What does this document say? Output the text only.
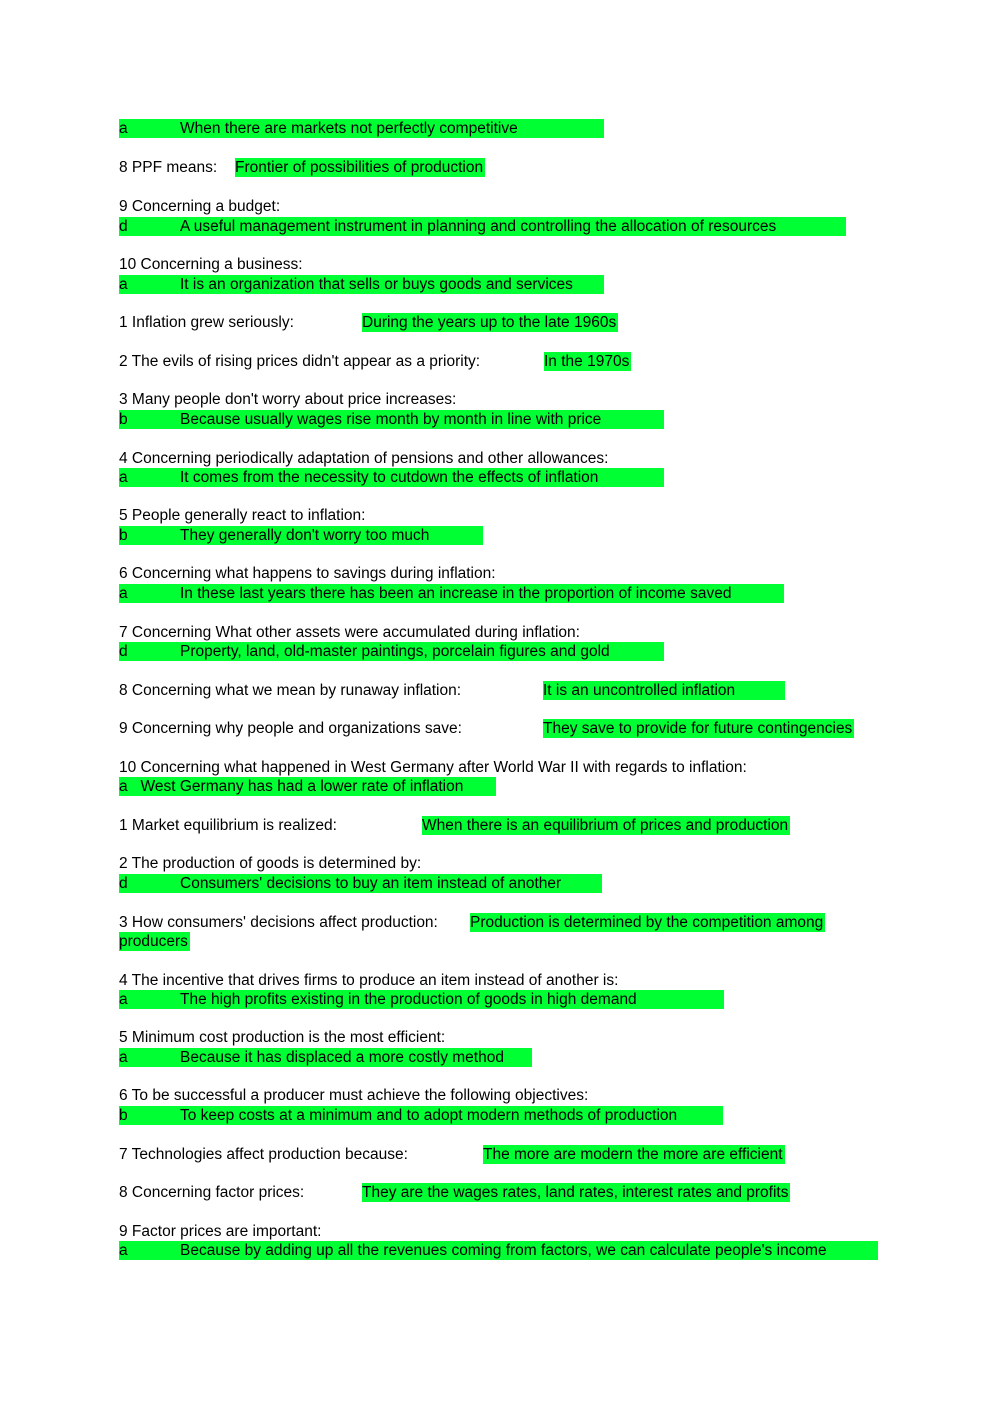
a	When there are markets not perfectly competitive
8 PPF means: Frontier of possibilities of production
9 Concerning a budget:
d	A useful management instrument in planning and controlling the allocation of resources
10 Concerning a business:
a	It is an organization that sells or buys goods and services
1 Inflation grew seriously:	During the years up to the late 1960s
2 The evils of rising prices didn't appear as a priority:	In the 1970s
3 Many people don't worry about price increases:
b	Because usually wages rise month by month in line with price
4 Concerning periodically adaptation of pensions and other allowances:
a	It comes from the necessity to cutdown the effects of inflation
5 People generally react to inflation:
b	They generally don't worry too much
6 Concerning what happens to savings during inflation:
a	In these last years there has been an increase in the proportion of income saved
7 Concerning What other assets were accumulated during inflation:
d	Property, land, old-master paintings, porcelain figures and gold
8 Concerning what we mean by runaway inflation:	It is an uncontrolled inflation
9 Concerning why people and organizations save:	They save to provide for future contingencies
10 Concerning what happened in West Germany after World War II with regards to inflation:
a West Germany has had a lower rate of inflation
1 Market equilibrium is realized:	When there is an equilibrium of prices and production
2 The production of goods is determined by:
d	Consumers' decisions to buy an item instead of another
3 How consumers' decisions affect production: Production is determined by the competition among
producers
4 The incentive that drives firms to produce an item instead of another is:
a	The high profits existing in the production of goods in high demand
5 Minimum cost production is the most efficient:
a	Because it has displaced a more costly method
6 To be successful a producer must achieve the following objectives:
b	To keep costs at a minimum and to adopt modern methods of production
7 Technologies affect production because:	The more are modern the more are efficient
8 Concerning factor prices:	They are the wages rates, land rates, interest rates and profits
9 Factor prices are important:
a	Because by adding up all the revenues coming from factors, we can calculate people's income
